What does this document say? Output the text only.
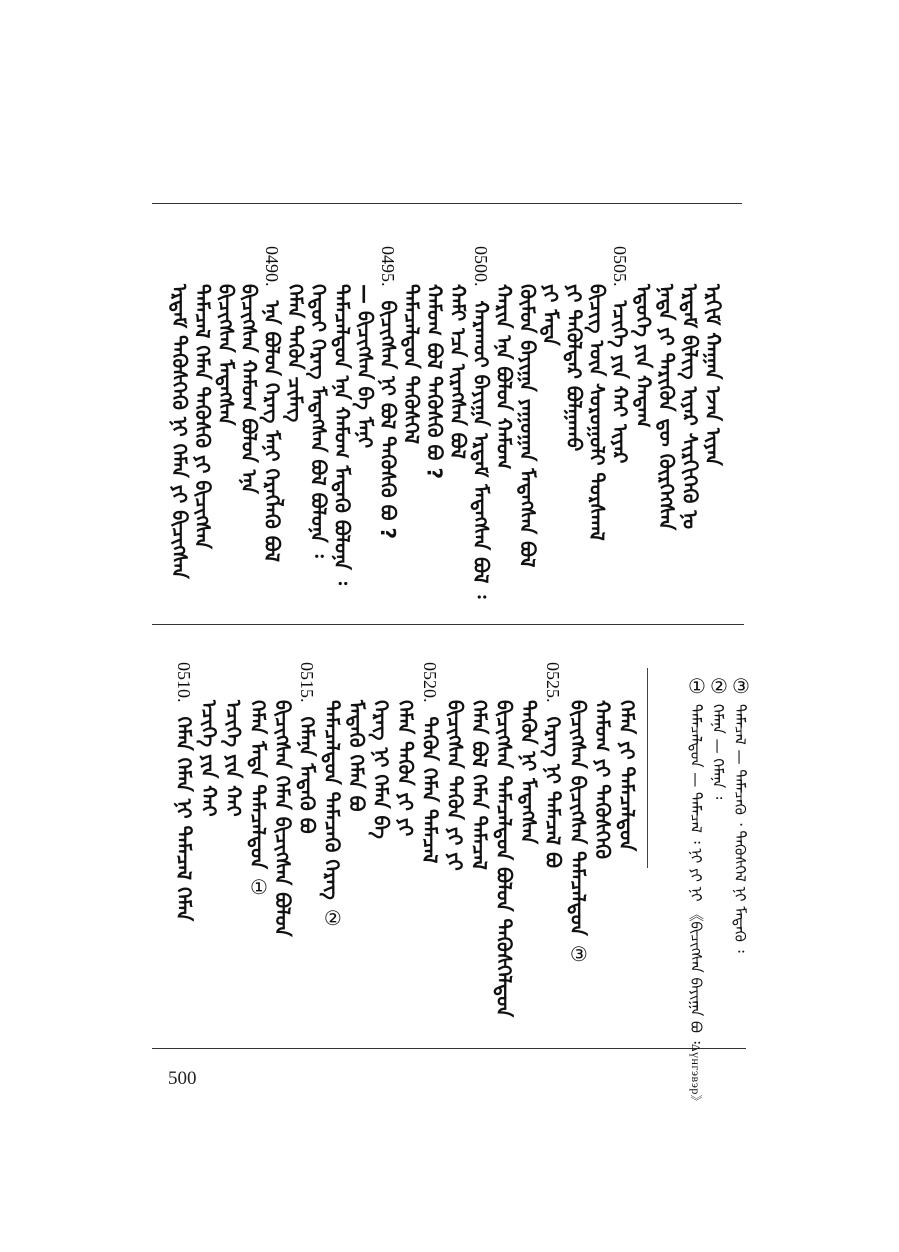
ᠡᠷᠬᠢᠮ ᠬᠠᠭᠠᠨ ᠡᠵᠡᠨ ᠢᠶᠡᠨ
ᠡᠷᠳᠡᠮ ᠪᠢᠯᠢᠭ ᠢᠶᠡᠷ ᠰᠢᠷᠭᠢᠭᠡᠬᠦ ᠨᠤ
ᠨᠠᠳᠠ ᠶᠢ ᠲᠡᠷᠢᠭᠦᠨ ᠳᠦ ᠬᠦᠷᠭᠡᠭᠰᠡᠨ
ᠡᠳᠦᠭᠡ ᠶᠢᠨ ᠬᠠᠳᠠᠭ
0505.ᠡᠴᠢᠭᠡ ᠶᠢᠨ ᠬᠠᠢ ᠢᠶᠠᠷ
ᠪᠢᠴᠢᠭ᠌ ᠦᠨ ᠰᠤᠷᠤᠭᠤᠯᠢ ᠳᠤᠷᠰᠭᠠᠯ
ᠶᠢ ᠲᠡᠭᠦᠯᠳᠡᠷ ᠪᠤᠯᠭᠠᠬᠤ
ᠶᠢ ᠮᠡᠳᠡ
ᠬᠦᠮᠦᠨ ᠪᠠᠶᠢᠭᠠ ᠶᠠᠭᠤᠭᠠᠨ ᠮᠡᠳᠡᠭᠰᠡᠨ ᠪᠤᠯ
ᠬᠠᠷᠢᠨ ᠡᠨᠡ ᠪᠤᠯᠤᠨ ᠬᠠᠮᠤᠭ
0500.ᠬᠠᠷᠠᠬᠤᠢ ᠪᠠᠶᠢᠭᠠ ᠡᠷᠳᠡᠮ ᠮᠡᠳᠡᠭᠰᠡᠨ ᠪᠤᠯ ᠄
ᠬᠠᠮᠢ ᠡᠴᠡ ᠢᠷᠡᠭᠰᠡᠨ ᠪᠤᠯ
ᠬᠠᠮᠤᠭ ᠪᠤᠯ ᠲᠡᠭᠦᠰᠬᠦ ᠪᠤ ?
ᠲᠡᠮᠡᠴᠡᠯᠳᠦᠨ ᠲᠡᠭᠦᠰᠬᠡᠯ
0495.ᠪᠢᠴᠢᠭᠰᠡᠨ ᠨᠢ ᠪᠤᠯ ᠲᠡᠭᠦᠰᠬᠦ ᠪᠤ ?
— ᠪᠢᠴᠢᠭᠰᠡᠨ ᠪᠠ ᠮᠠᠨᠢ
ᠲᠡᠮᠡᠴᠡᠯᠳᠦᠨ ᠡᠨᠡ ᠬᠠᠮᠤᠭ ᠮᠡᠳᠡᠬᠦ ᠪᠤᠯᠤᠨᠠ ᠄
ᠬᠡᠳᠦᠢ ᠬᠡᠷᠡᠭ ᠮᠡᠳᠡᠭᠰᠡᠨ ᠪᠤᠯ ᠪᠤᠯᠤᠨᠠ ᠄
ᠬᠡᠮᠡᠨ ᠲᠡᠭᠦᠨ ᠴᠢᠮᠡᠭ
0490.ᠡᠨᠡ ᠪᠤᠯᠤᠨ ᠬᠡᠷᠡᠭ ᠮᠠᠨᠢ ᠬᠡᠷᠡᠭᠯᠡᠬᠦ ᠪᠤᠯ
ᠪᠢᠴᠢᠭᠰᠡᠨ ᠬᠠᠮᠤᠭ ᠪᠤᠯᠤᠨ ᠡᠨᠡ
ᠪᠢᠴᠢᠭᠰᠡᠨ ᠮᠡᠳᠡᠭᠰᠡᠨ
ᠲᠡᠮᠡᠴᠡᠯ ᠬᠡᠮᠡᠨ ᠲᠡᠭᠦᠰᠬᠦ ᠶᠢ ᠪᠢᠴᠢᠭᠰᠡᠨ
ᠡᠷᠳᠡᠮ ᠲᠡᠭᠦᠰᠬᠡᠬᠦ ᠨᠢ ᠬᠡᠮᠡᠨ ᠶᠢ ᠪᠢᠴᠢᠭᠰᠡᠨ
ᠬᠡᠮᠡᠨ ᠶᠢ ᠲᠡᠮᠡᠴᠡᠯᠳᠦᠨ
ᠬᠠᠮᠤᠭ ᠶᠢ ᠲᠡᠭᠦᠰᠬᠡᠬᠦ
ᠪᠢᠴᠢᠭᠰᠡᠨ ᠪᠢᠴᠢᠭᠰᠡᠨ ᠲᠡᠮᠡᠴᠡᠯᠳᠦᠨ③
0525.ᠬᠡᠷᠡᠭ ᠨᠢ ᠲᠡᠮᠡᠴᠡᠯ ᠪᠤ
ᠲᠡᠭᠦᠨ ᠨᠢ ᠮᠡᠳᠡᠭᠰᠡᠨ
ᠪᠢᠴᠢᠭᠰᠡᠨ ᠲᠡᠮᠡᠴᠡᠯᠳᠦᠨ ᠪᠤᠯᠤᠨ ᠲᠡᠭᠦᠰᠬᠡᠯᠳᠦᠨ
ᠬᠡᠮᠡᠨ ᠪᠤᠯ ᠬᠡᠮᠡᠨ ᠲᠡᠮᠡᠴᠡᠯ
ᠪᠢᠴᠢᠭᠰᠡᠨ ᠲᠡᠭᠦᠨ ᠶᠢ ᠶᠢ
0520.ᠲᠡᠭᠦᠨ ᠬᠡᠮᠡᠨ ᠲᠡᠮᠡᠴᠡᠯ
ᠬᠡᠮᠡᠨ ᠲᠡᠭᠦᠨ ᠶᠢ ᠶᠢ
ᠬᠡᠷᠡᠭ ᠨᠢ ᠬᠡᠮᠡᠨ ᠪᠡ
ᠮᠡᠳᠡᠬᠦ ᠬᠡᠮᠡᠨ ᠪᠤ
ᠲᠡᠮᠡᠴᠡᠯᠳᠦᠨ ᠲᠡᠮᠡᠴᠡᠬᠦ ᠬᠡᠷᠡᠭ②
0515.ᠬᠡᠮᠡᠨᠡ ᠮᠡᠳᠡᠬᠦ ᠪᠤ
ᠪᠢᠴᠢᠭᠰᠡᠨ ᠬᠡᠮᠡᠨ ᠪᠢᠴᠢᠭᠰᠡᠨ ᠪᠤᠯᠤᠨ
ᠬᠡᠮᠡᠨ ᠮᠡᠳᠡ ᠲᠡᠮᠡᠴᠡᠯᠳᠦᠨ①
ᠡᠴᠢᠭᠡ ᠶᠢᠨ ᠬᠠᠢ
ᠡᠴᠢᠭᠡ ᠶᠢᠨ ᠬᠠᠢ
0510.ᠬᠡᠮᠡᠨ ᠬᠡᠮᠡᠨ ᠨᠢ ᠲᠡᠮᠡᠴᠡᠯ ᠬᠡᠮᠡᠨ
③ᠲᠡᠮᠡᠴᠡᠯ — ᠲᠡᠮᠡᠴᠡᠬᠦ ᠂ ᠲᠡᠭᠦᠰᠬᠡᠯ ᠨᠢ ᠮᠡᠳᠡᠬᠦ ᠄
②ᠬᠡᠮᠡᠨᠡ — ᠬᠡᠮᠡᠨᠡ ᠄
①ᠲᠡᠮᠡᠴᠡᠯᠳᠦᠨ — ᠲᠡᠮᠡᠴᠡᠯ ᠄ ᠨᠢ ᠶᠢ ᠨᠢ 《ᠪᠢᠴᠢᠭᠰᠡᠨ ᠪᠠᠶᠢᠭᠠ ᠪᠤ ᠄Δүнгэвэр》
500
